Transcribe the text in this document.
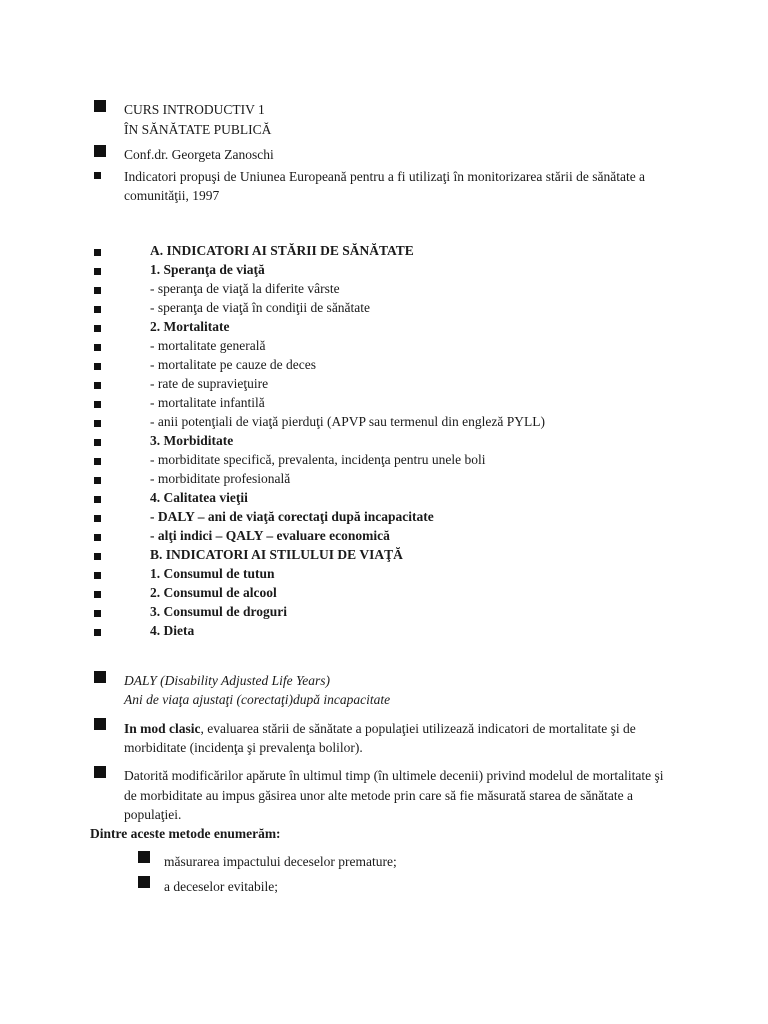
CURS INTRODUCTIV 1
ÎN SĂNĂTATE PUBLICĂ
Conf.dr. Georgeta Zanoschi
Indicatori propuşi de Uniunea Europeană pentru a fi utilizaţi în monitorizarea stării de sănătate a
comunităţii, 1997
A. INDICATORI AI STĂRII DE SĂNĂTATE
1. Speranţa de viaţă
- speranţa de viaţă la diferite vârste
- speranţa de viaţă în condiţii de sănătate
2. Mortalitate
- mortalitate generală
- mortalitate pe cauze de deces
- rate de supravieţuire
- mortalitate infantilă
- anii potenţiali de viaţă pierduţi (APVP sau termenul din engleză PYLL)
3. Morbiditate
- morbiditate specifică, prevalenta, incidenţa pentru unele boli
- morbiditate profesională
4. Calitatea vieţii
- DALY – ani de viaţă corectaţi după incapacitate
- alţi indici – QALY – evaluare economică
B. INDICATORI AI STILULUI DE VIAŢĂ
1. Consumul de tutun
2. Consumul de alcool
3. Consumul de droguri
4. Dieta
DALY (Disability Adjusted Life Years)
Ani de viaţa ajustaţi (corectaţi)după incapacitate
In mod clasic, evaluarea stării de sănătate a populaţiei utilizează indicatori de mortalitate şi de
morbiditate (incidenţa şi prevalenţa bolilor).
Datorită modificărilor apărute în ultimul timp (în ultimele decenii) privind modelul de mortalitate şi
de morbiditate au impus găsirea unor alte metode prin care să fie măsurată starea de sănătate a
populaţiei.
Dintre aceste metode enumerăm:
măsurarea impactului deceselor premature;
a deceselor evitabile;
